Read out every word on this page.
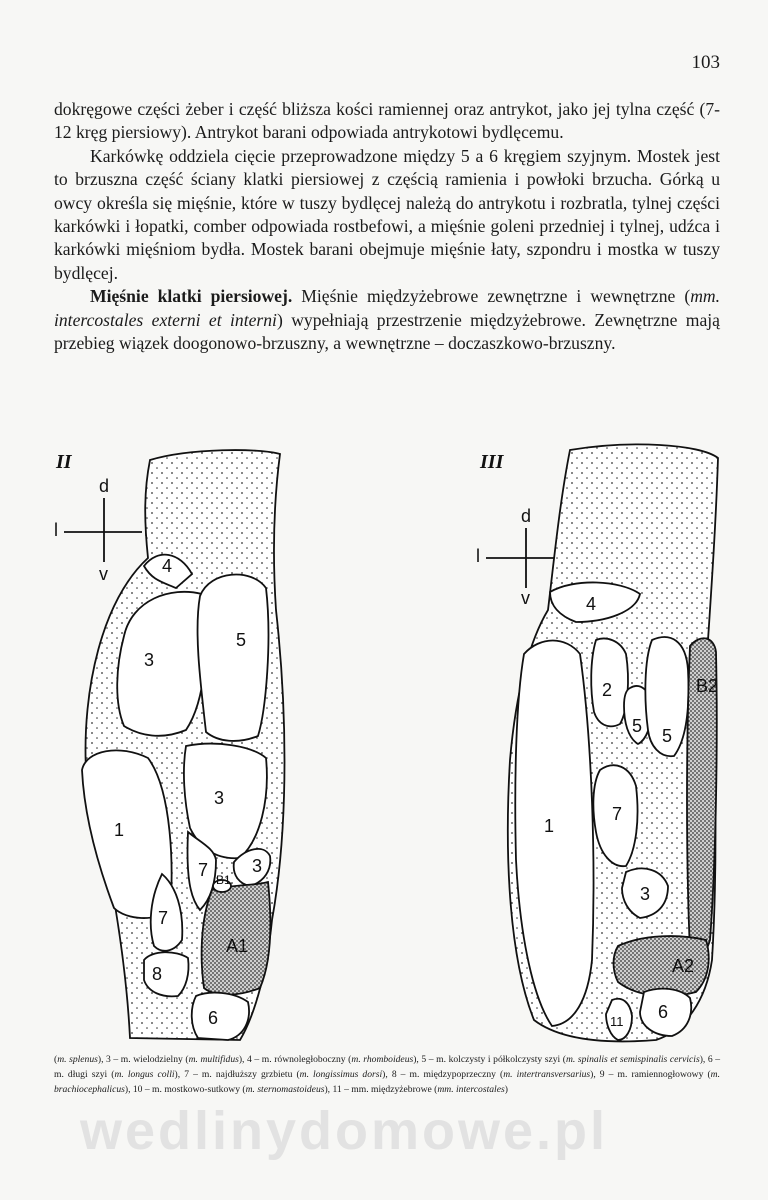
103

dokręgowe części żeber i część bliższa kości ramiennej oraz antrykot, jako jej tylna część (7-12 kręg piersiowy). Antrykot barani odpowiada antrykotowi bydlęcemu.

Karkówkę oddziela cięcie przeprowadzone między 5 a 6 kręgiem szyjnym. Mostek jest to brzuszna część ściany klatki piersiowej z częścią ramienia i powłoki brzucha. Górką u owcy określa się mięśnie, które w tuszy bydlęcej należą do antrykotu i rozbratla, tylnej części karkówki i łopatki, comber odpowiada rostbefowi, a mięśnie goleni przedniej i tylnej, udźca i karkówki mięśniom bydła. Mostek barani obejmuje mięśnie łaty, szpondru i mostka w tuszy bydlęcej.

Mięśnie klatki piersiowej. Mięśnie międzyżebrowe zewnętrzne i wewnętrzne (mm. intercostales externi et interni) wypełniają przestrzenie międzyżebrowe. Zewnętrzne mają przebieg wiązek doogonowo-brzuszny, a wewnętrzne – doczaszkowo-brzuszny.

II
d
l
v	4
3
5
1
3
3
7
7
B1
A1
8
6
III
d
l
v	4
1
2
5 5
7
3
B2
A2
6
11
(m. splenus), 3 – m. wielodzielny (m. multifidus), 4 – m. równoległoboczny (m. rhomboideus), 5 – m. kolczysty i półkolczysty szyi (m. spinalis et semispinalis cervicis), 6 – m. długi szyi (m. longus colli), 7 – m. najdłuższy grzbietu (m. longissimus dorsi), 8 – m. międzypoprzeczny (m. intertransversarius), 9 – m. ramiennogłowowy (m. brachiocephalicus), 10 – m. mostkowo-sutkowy (m. sternomastoideus), 11 – mm. międzyżebrowe (mm. intercostales)
wedlinydomowe.pl
